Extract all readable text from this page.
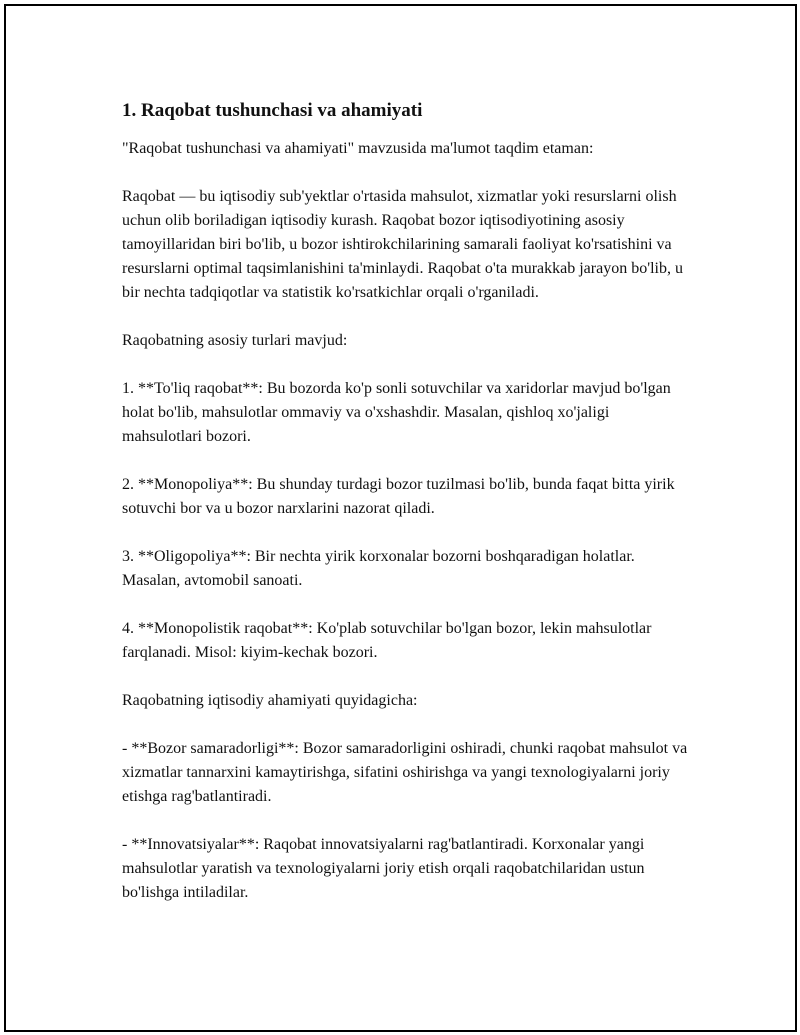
1. Raqobat tushunchasi va ahamiyati

"Raqobat tushunchasi va ahamiyati" mavzusida ma'lumot taqdim etaman:

Raqobat — bu iqtisodiy sub'yektlar o'rtasida mahsulot, xizmatlar yoki resurslarni olish uchun olib boriladigan iqtisodiy kurash. Raqobat bozor iqtisodiyotining asosiy tamoyillaridan biri bo'lib, u bozor ishtirokchilarining samarali faoliyat ko'rsatishini va resurslarni optimal taqsimlanishini ta'minlaydi. Raqobat o'ta murakkab jarayon bo'lib, u bir nechta tadqiqotlar va statistik ko'rsatkichlar orqali o'rganiladi.

Raqobatning asosiy turlari mavjud:

1. **To'liq raqobat**: Bu bozorda ko'p sonli sotuvchilar va xaridorlar mavjud bo'lgan holat bo'lib, mahsulotlar ommaviy va o'xshashdir. Masalan, qishloq xo'jaligi mahsulotlari bozori.

2. **Monopoliya**: Bu shunday turdagi bozor tuzilmasi bo'lib, bunda faqat bitta yirik sotuvchi bor va u bozor narxlarini nazorat qiladi.

3. **Oligopoliya**: Bir nechta yirik korxonalar bozorni boshqaradigan holatlar. Masalan, avtomobil sanoati.

4. **Monopolistik raqobat**: Ko'plab sotuvchilar bo'lgan bozor, lekin mahsulotlar farqlanadi. Misol: kiyim-kechak bozori.

Raqobatning iqtisodiy ahamiyati quyidagicha:

- **Bozor samaradorligi**: Bozor samaradorligini oshiradi, chunki raqobat mahsulot va xizmatlar tannarxini kamaytirishga, sifatini oshirishga va yangi texnologiyalarni joriy etishga rag'batlantiradi.

- **Innovatsiyalar**: Raqobat innovatsiyalarni rag'batlantiradi. Korxonalar yangi mahsulotlar yaratish va texnologiyalarni joriy etish orqali raqobatchilaridan ustun bo'lishga intiladilar.
